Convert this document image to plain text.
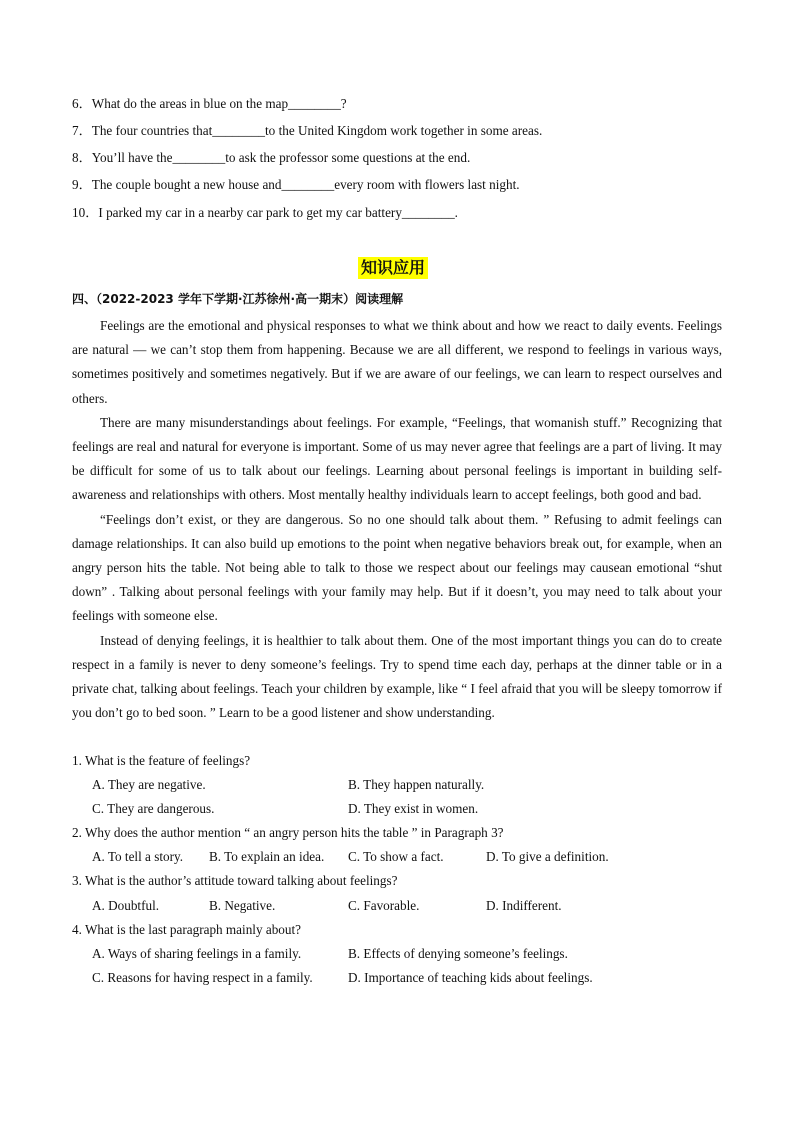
6．What do the areas in blue on the map________?
7．The four countries that________to the United Kingdom work together in some areas.
8．You’ll have the________to ask the professor some questions at the end.
9．The couple bought a new house and________every room with flowers last night.
10．I parked my car in a nearby car park to get my car battery________.
知识应用
四、（2022-2023 学年下学期·江苏徐州·高一期末）阅读理解

Feelings are the emotional and physical responses to what we think about and how we react to daily events. Feelings are natural — we can’t stop them from happening. Because we are all different, we respond to feelings in various ways, sometimes positively and sometimes negatively. But if we are aware of our feelings, we can learn to respect ourselves and others.

There are many misunderstandings about feelings. For example, “Feelings, that womanish stuff.” Recognizing that feelings are real and natural for everyone is important. Some of us may never agree that feelings are a part of living. It may be difficult for some of us to talk about our feelings. Learning about personal feelings is important in building self-awareness and relationships with others. Most mentally healthy individuals learn to accept feelings, both good and bad.

“Feelings don’t exist, or they are dangerous. So no one should talk about them. ” Refusing to admit feelings can damage relationships. It can also build up emotions to the point when negative behaviors break out, for example, when an angry person hits the table. Not being able to talk to those we respect about our feelings may causean emotional “shut down” . Talking about personal feelings with your family may help. But if it doesn’t, you may need to talk about your feelings with someone else.

Instead of denying feelings, it is healthier to talk about them. One of the most important things you can do to create respect in a family is never to deny someone’s feelings. Try to spend time each day, perhaps at the dinner table or in a private chat, talking about feelings. Teach your children by example, like “ I feel afraid that you will be sleepy tomorrow if you don’t go to bed soon. ” Learn to be a good listener and show understanding.

1. What is the feature of feelings?
A. They are negative.	B. They happen naturally.
C. They are dangerous.	D. They exist in women.
2. Why does the author mention “ an angry person hits the table ” in Paragraph 3?
A. To tell a story. B. To explain an idea. C. To show a fact.	D. To give a definition.
3. What is the author’s attitude toward talking about feelings?
A. Doubtful.	B. Negative.	C. Favorable.	D. Indifferent.
4. What is the last paragraph mainly about?
A. Ways of sharing feelings in a family.	B. Effects of denying someone’s feelings.
C. Reasons for having respect in a family.	D. Importance of teaching kids about feelings.
